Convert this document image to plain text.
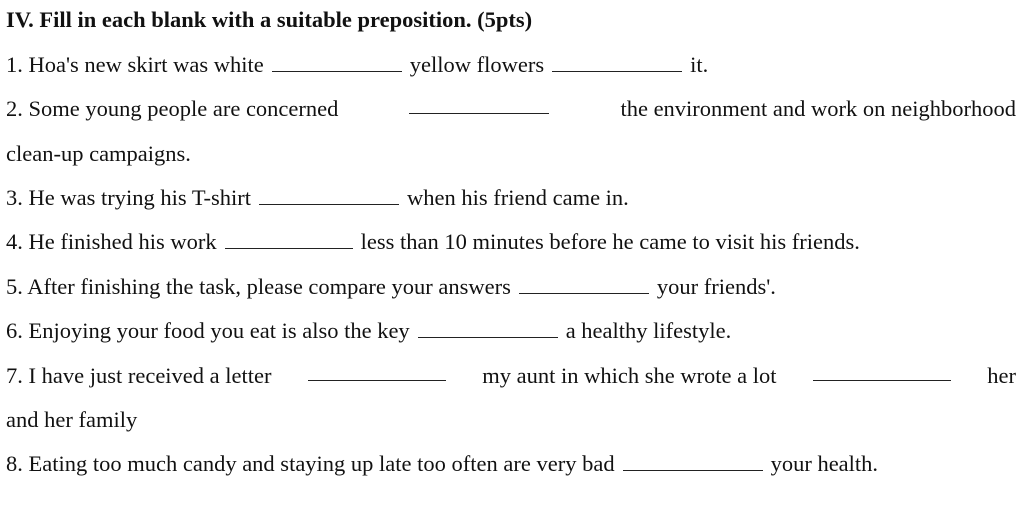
IV. Fill in each blank with a suitable preposition. (5pts)
1. Hoa's new skirt was white	yellow flowers	it.
2. Some young people are concerned	the environment and work on neighborhood
clean-up campaigns.
3. He was trying his T-shirt	when his friend came in.
4. He finished his work	less than 10 minutes before he came to visit his friends.
5. After finishing the task, please compare your answers	your friends'.
6. Enjoying your food you eat is also the key	a healthy lifestyle.
7. I have just received a letter	my aunt in which she wrote a lot	her
and her family
8. Eating too much candy and staying up late too often are very bad	your health.
